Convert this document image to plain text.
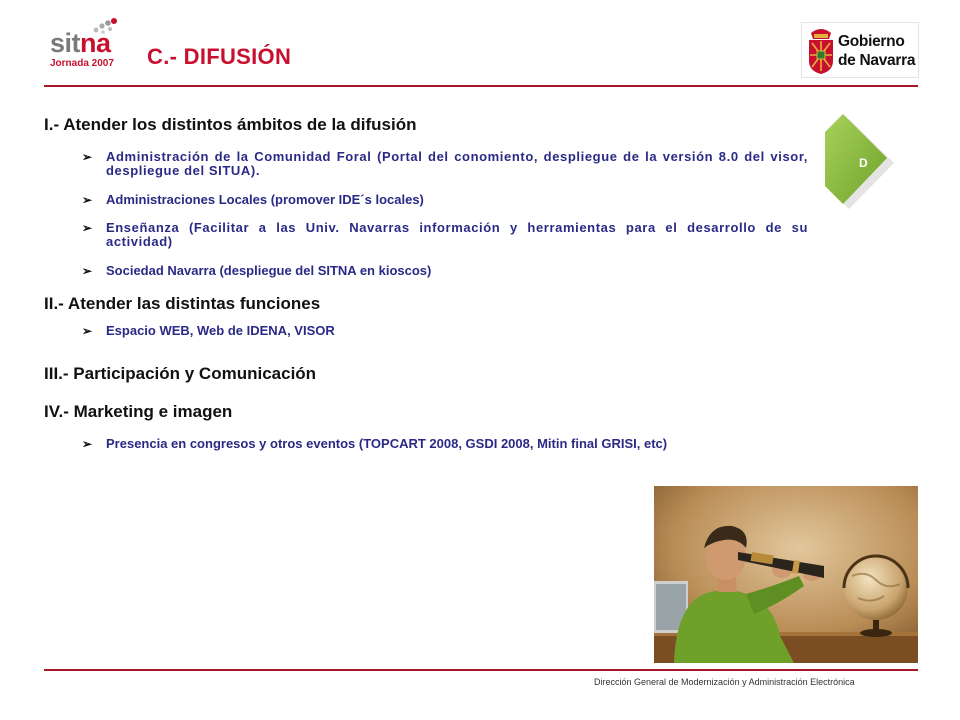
sitna
Jornada 2007 C.- DIFUSIÓN
Gobierno
de Navarra
D
I.- Atender los distintos ámbitos de la difusión
➢ Administración de la Comunidad Foral (Portal del conomiento, despliegue de la versión 8.0 del visor, despliegue del SITUA).
➢ Administraciones Locales (promover IDE´s locales)
➢ Enseñanza (Facilitar a las Univ. Navarras información y herramientas para el desarrollo de su actividad)
➢ Sociedad Navarra (despliegue del SITNA en kioscos)
II.- Atender las distintas funciones
➢ Espacio WEB, Web de IDENA, VISOR
III.- Participación y Comunicación
IV.- Marketing e imagen
➢ Presencia en congresos y otros eventos (TOPCART 2008, GSDI 2008, Mitin final GRISI, etc)
Dirección General de Modernización y Administración Electrónica
